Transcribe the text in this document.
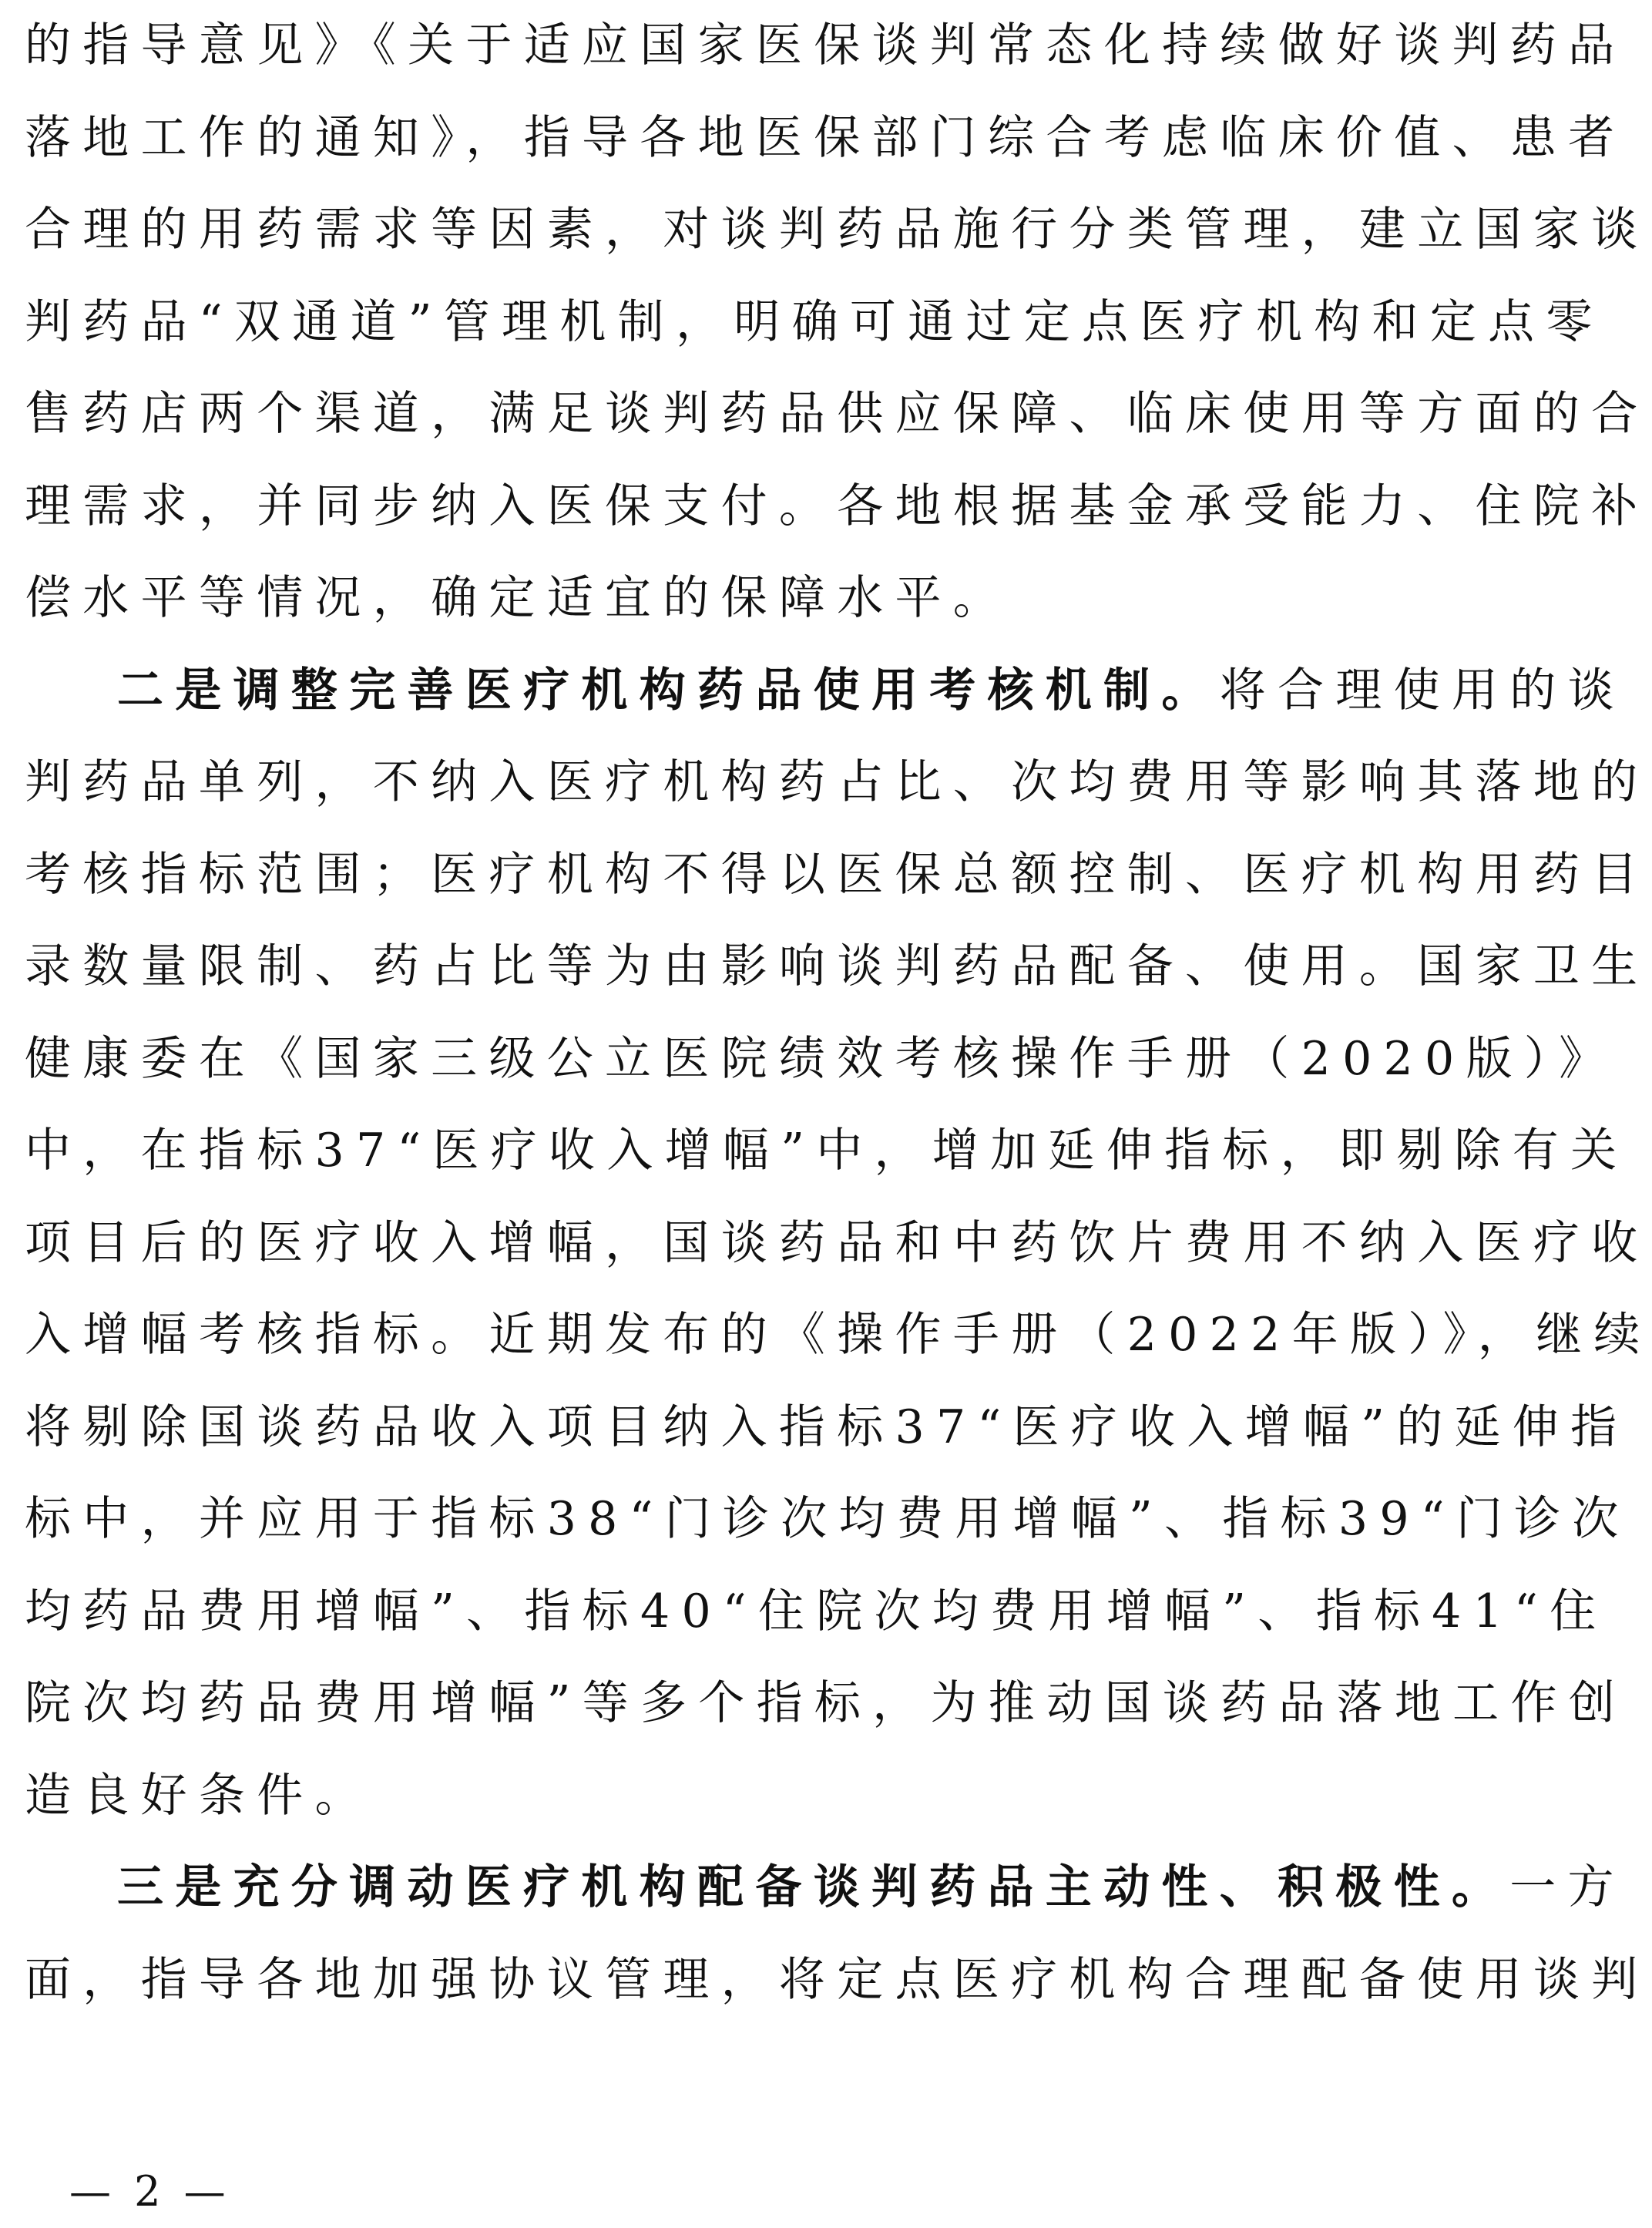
的指导意见》《关于适应国家医保谈判常态化持续做好谈判药品
落地工作的通知》，指导各地医保部门综合考虑临床价值、患者
合理的用药需求等因素，对谈判药品施行分类管理，建立国家谈
判药品“双通道”管理机制，明确可通过定点医疗机构和定点零
售药店两个渠道，满足谈判药品供应保障、临床使用等方面的合
理需求，并同步纳入医保支付。各地根据基金承受能力、住院补
偿水平等情况，确定适宜的保障水平。
二是调整完善医疗机构药品使用考核机制。将合理使用的谈
判药品单列，不纳入医疗机构药占比、次均费用等影响其落地的
考核指标范围；医疗机构不得以医保总额控制、医疗机构用药目
录数量限制、药占比等为由影响谈判药品配备、使用。国家卫生
健康委在《国家三级公立医院绩效考核操作手册（2020版）》
中，在指标37“医疗收入增幅”中，增加延伸指标，即剔除有关
项目后的医疗收入增幅，国谈药品和中药饮片费用不纳入医疗收
入增幅考核指标。近期发布的《操作手册（2022年版）》，继续
将剔除国谈药品收入项目纳入指标37“医疗收入增幅”的延伸指
标中，并应用于指标38“门诊次均费用增幅”、指标39“门诊次
均药品费用增幅”、指标40“住院次均费用增幅”、指标41“住
院次均药品费用增幅”等多个指标，为推动国谈药品落地工作创
造良好条件。
三是充分调动医疗机构配备谈判药品主动性、积极性。一方
面，指导各地加强协议管理，将定点医疗机构合理配备使用谈判
— 2 —
